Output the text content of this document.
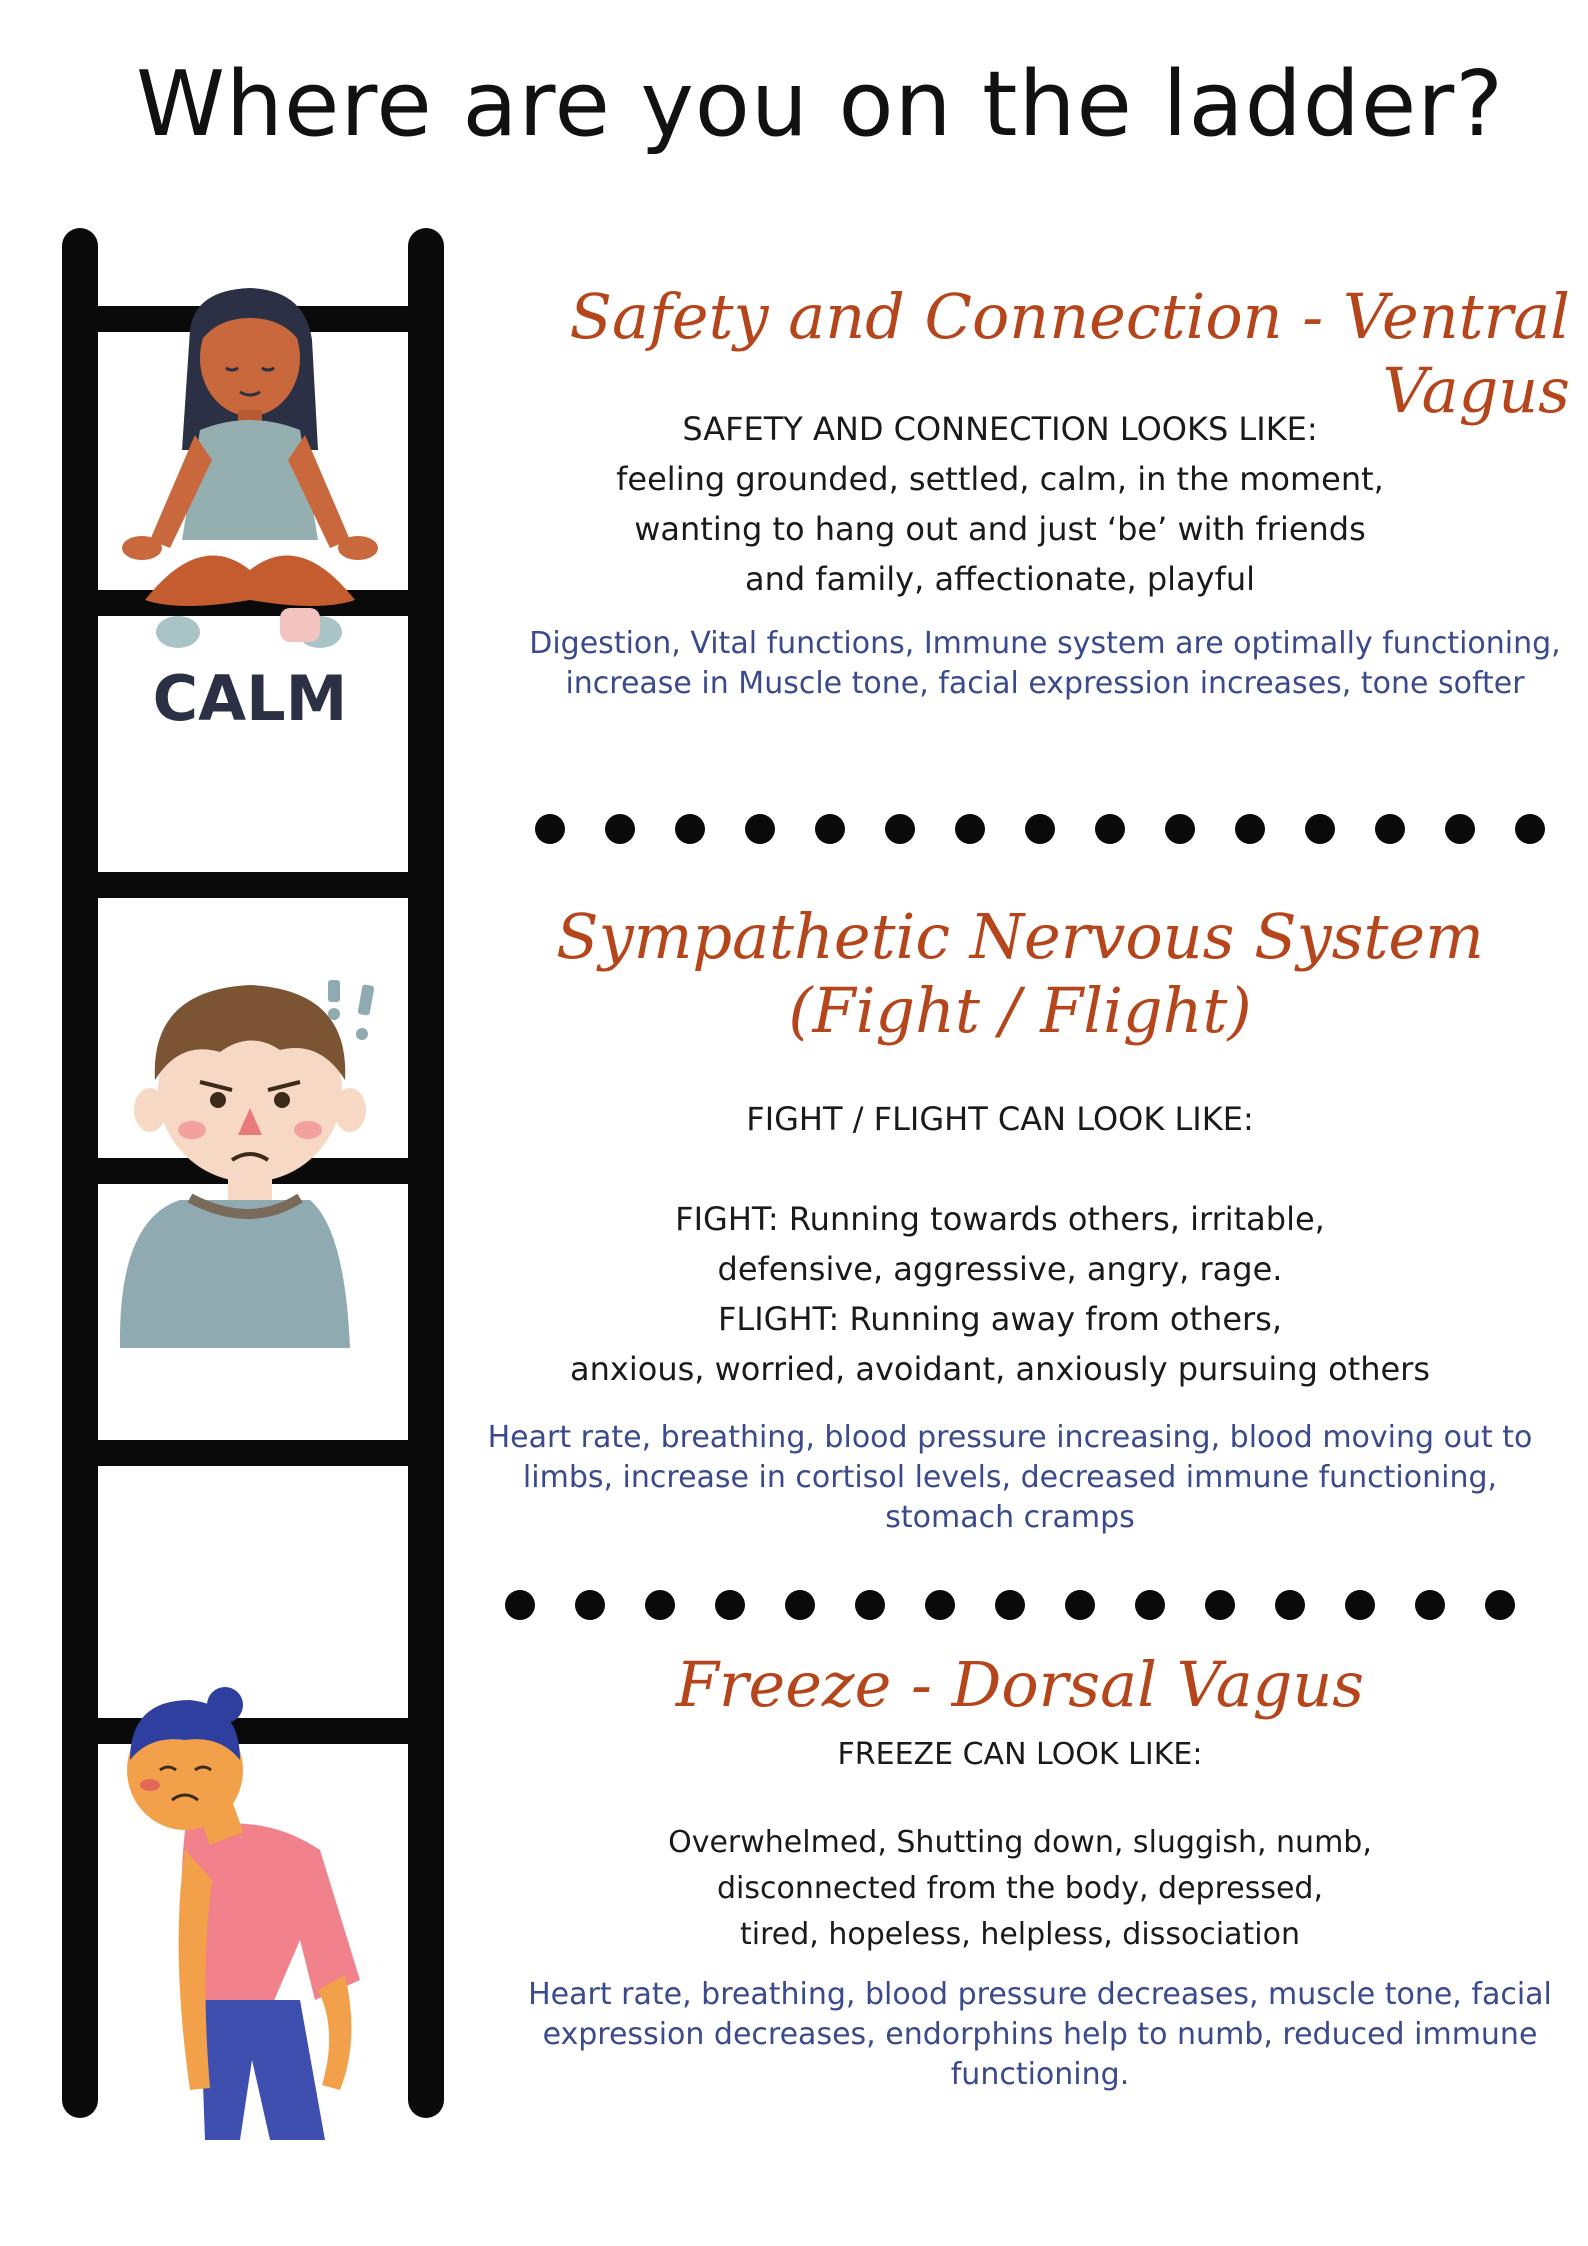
Where are you on the ladder?
CALM
Safety and Connection - Ventral Vagus
SAFETY AND CONNECTION LOOKS LIKE:
feeling grounded, settled, calm, in the moment,
wanting to hang out and just ‘be’ with friends
and family, affectionate, playful
Digestion, Vital functions, Immune system are optimally functioning,
increase in Muscle tone, facial expression increases, tone softer
Sympathetic Nervous System
(Fight / Flight)
FIGHT / FLIGHT CAN LOOK LIKE:
FIGHT: Running towards others, irritable,
defensive, aggressive, angry, rage.
FLIGHT: Running away from others,
anxious, worried, avoidant, anxiously pursuing others
Heart rate, breathing, blood pressure increasing, blood moving out to
limbs, increase in cortisol levels, decreased immune functioning,
stomach cramps
Freeze - Dorsal Vagus
FREEZE CAN LOOK LIKE:
Overwhelmed, Shutting down, sluggish, numb,
disconnected from the body, depressed,
tired, hopeless, helpless, dissociation
Heart rate, breathing, blood pressure decreases, muscle tone, facial
expression decreases, endorphins help to numb, reduced immune
functioning.
